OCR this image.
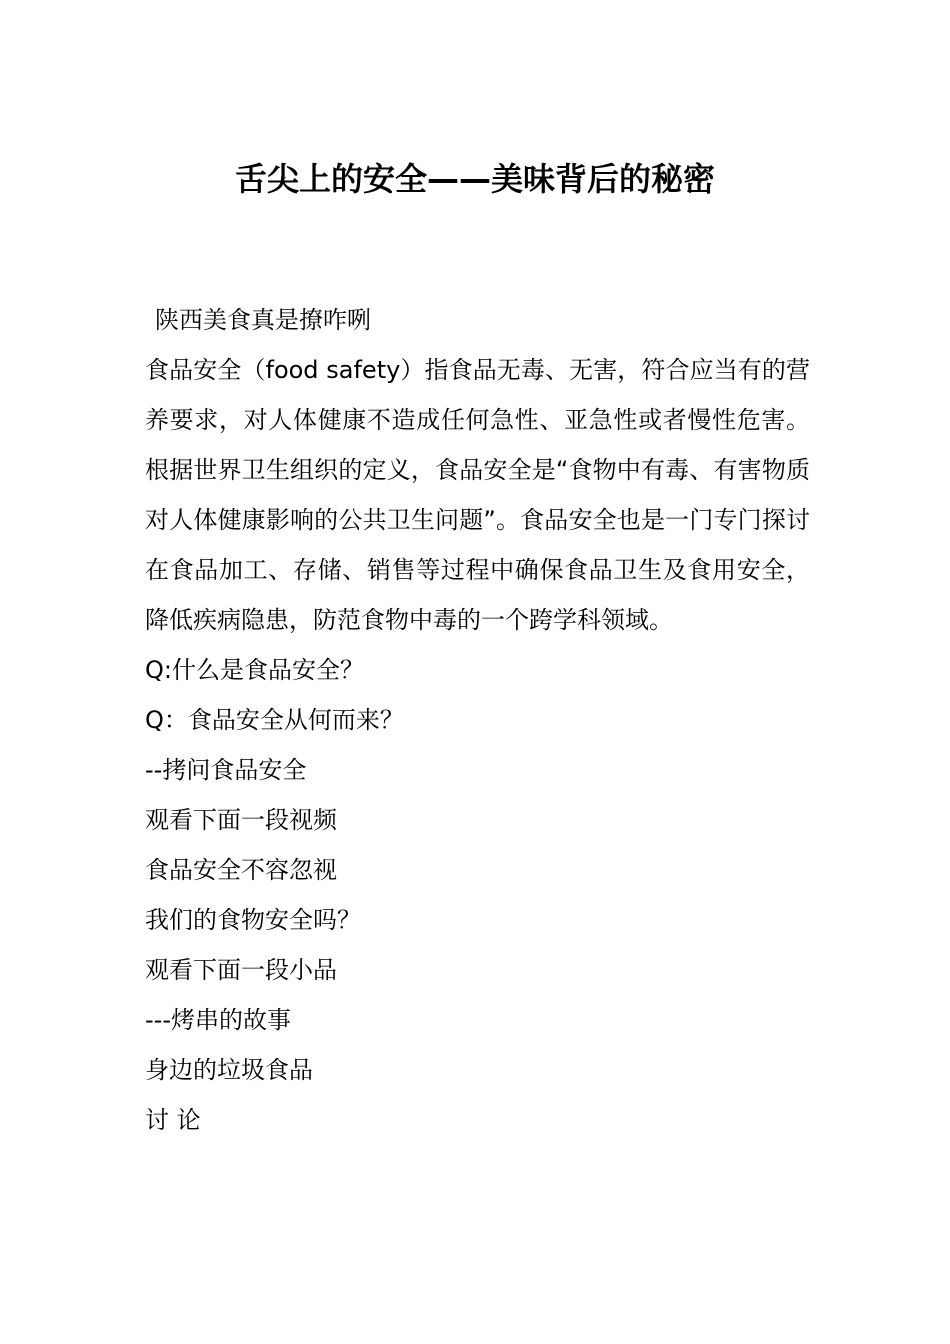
舌尖上的安全——美味背后的秘密

陕西美食真是撩咋咧

食品安全（food safety）指食品无毒、无害，符合应当有的营养要求，对人体健康不造成任何急性、亚急性或者慢性危害。根据世界卫生组织的定义，食品安全是“食物中有毒、有害物质对人体健康影响的公共卫生问题”。食品安全也是一门专门探讨在食品加工、存储、销售等过程中确保食品卫生及食用安全，降低疾病隐患，防范食物中毒的一个跨学科领域。

Q:什么是食品安全？

Q：食品安全从何而来？

--拷问食品安全

观看下面一段视频

食品安全不容忽视

我们的食物安全吗？

观看下面一段小品

---烤串的故事

身边的垃圾食品

讨 论
